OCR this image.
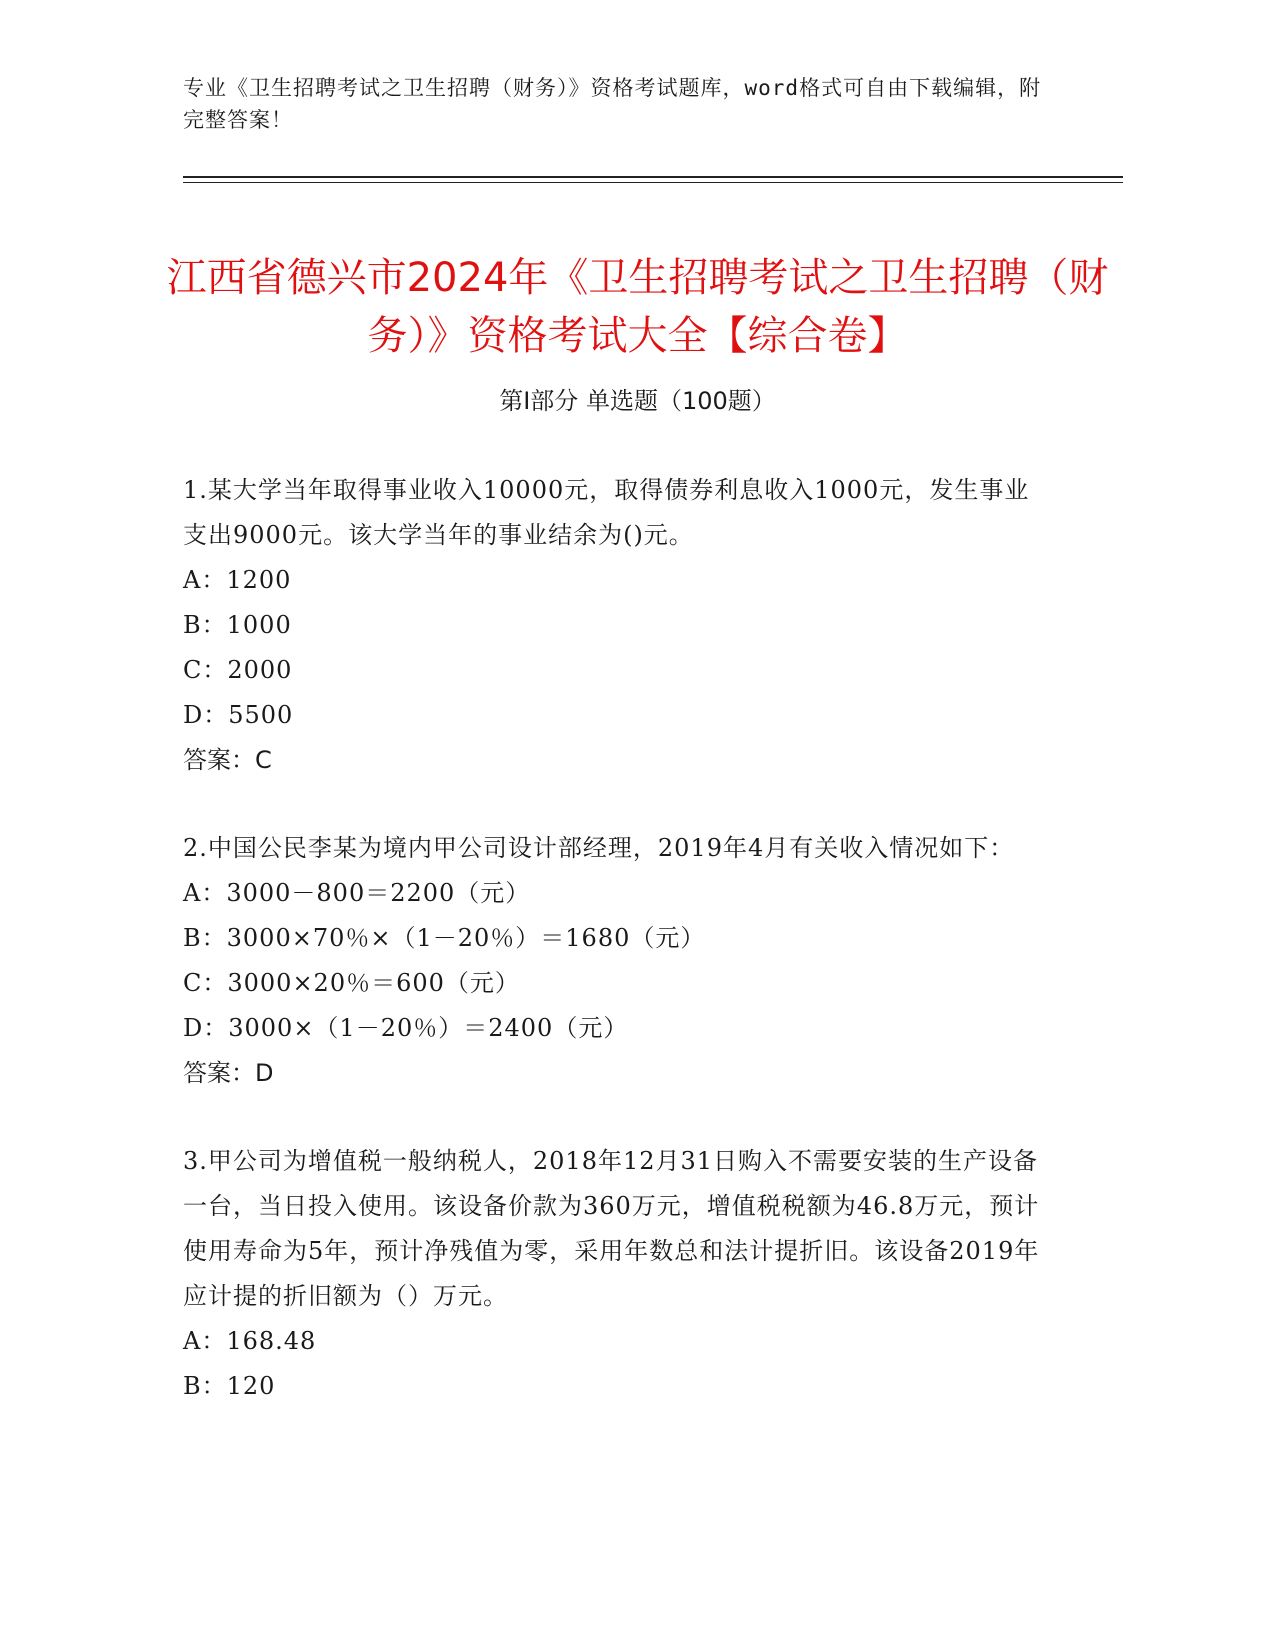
专业《卫生招聘考试之卫生招聘（财务）》资格考试题库，word格式可自由下载编辑，附完整答案！
江西省德兴市2024年《卫生招聘考试之卫生招聘（财务）》资格考试大全【综合卷】
第Ⅰ部分 单选题（100题）
1.某大学当年取得事业收入10000元，取得债券利息收入1000元，发生事业支出9000元。该大学当年的事业结余为()元。
A：1200
B：1000
C：2000
D：5500
答案：C
2.中国公民李某为境内甲公司设计部经理，2019年4月有关收入情况如下：
A：3000－800＝2200（元）
B：3000×70％×（1－20％）＝1680（元）
C：3000×20％＝600（元）
D：3000×（1－20％）＝2400（元）
答案：D
3.甲公司为增值税一般纳税人，2018年12月31日购入不需要安装的生产设备一台，当日投入使用。该设备价款为360万元，增值税税额为46.8万元，预计使用寿命为5年，预计净残值为零，采用年数总和法计提折旧。该设备2019年应计提的折旧额为（）万元。
A：168.48
B：120
